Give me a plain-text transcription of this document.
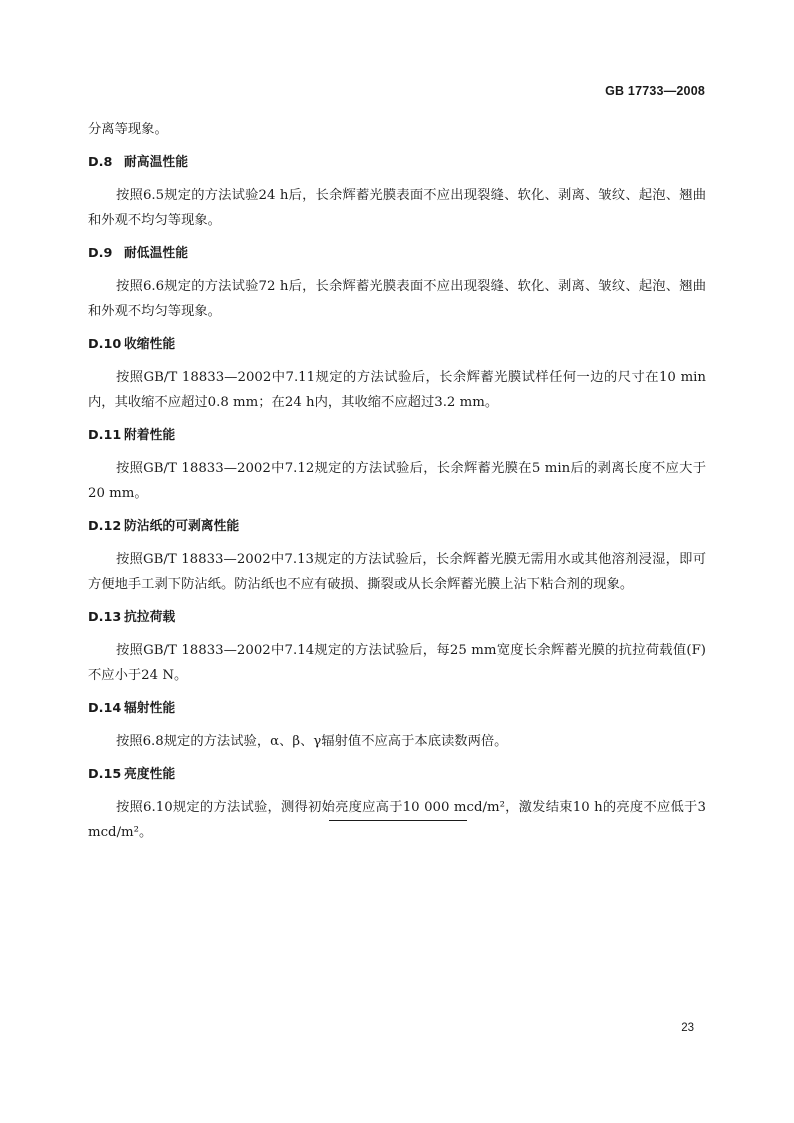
GB 17733—2008

分离等现象。

D.8 耐高温性能

按照6.5规定的方法试验24 h后，长余辉蓄光膜表面不应出现裂缝、软化、剥离、皱纹、起泡、翘曲和外观不均匀等现象。

D.9 耐低温性能

按照6.6规定的方法试验72 h后，长余辉蓄光膜表面不应出现裂缝、软化、剥离、皱纹、起泡、翘曲和外观不均匀等现象。

D.10 收缩性能

按照GB/T 18833—2002中7.11规定的方法试验后，长余辉蓄光膜试样任何一边的尺寸在10 min内，其收缩不应超过0.8 mm；在24 h内，其收缩不应超过3.2 mm。

D.11 附着性能

按照GB/T 18833—2002中7.12规定的方法试验后，长余辉蓄光膜在5 min后的剥离长度不应大于20 mm。

D.12 防沾纸的可剥离性能

按照GB/T 18833—2002中7.13规定的方法试验后，长余辉蓄光膜无需用水或其他溶剂浸湿，即可方便地手工剥下防沾纸。防沾纸也不应有破损、撕裂或从长余辉蓄光膜上沾下粘合剂的现象。

D.13 抗拉荷载

按照GB/T 18833—2002中7.14规定的方法试验后，每25 mm宽度长余辉蓄光膜的抗拉荷载值(F)不应小于24 N。

D.14 辐射性能

按照6.8规定的方法试验，α、β、γ辐射值不应高于本底读数两倍。

D.15 亮度性能

按照6.10规定的方法试验，测得初始亮度应高于10 000 mcd/m²，激发结束10 h的亮度不应低于3 mcd/m²。

23
